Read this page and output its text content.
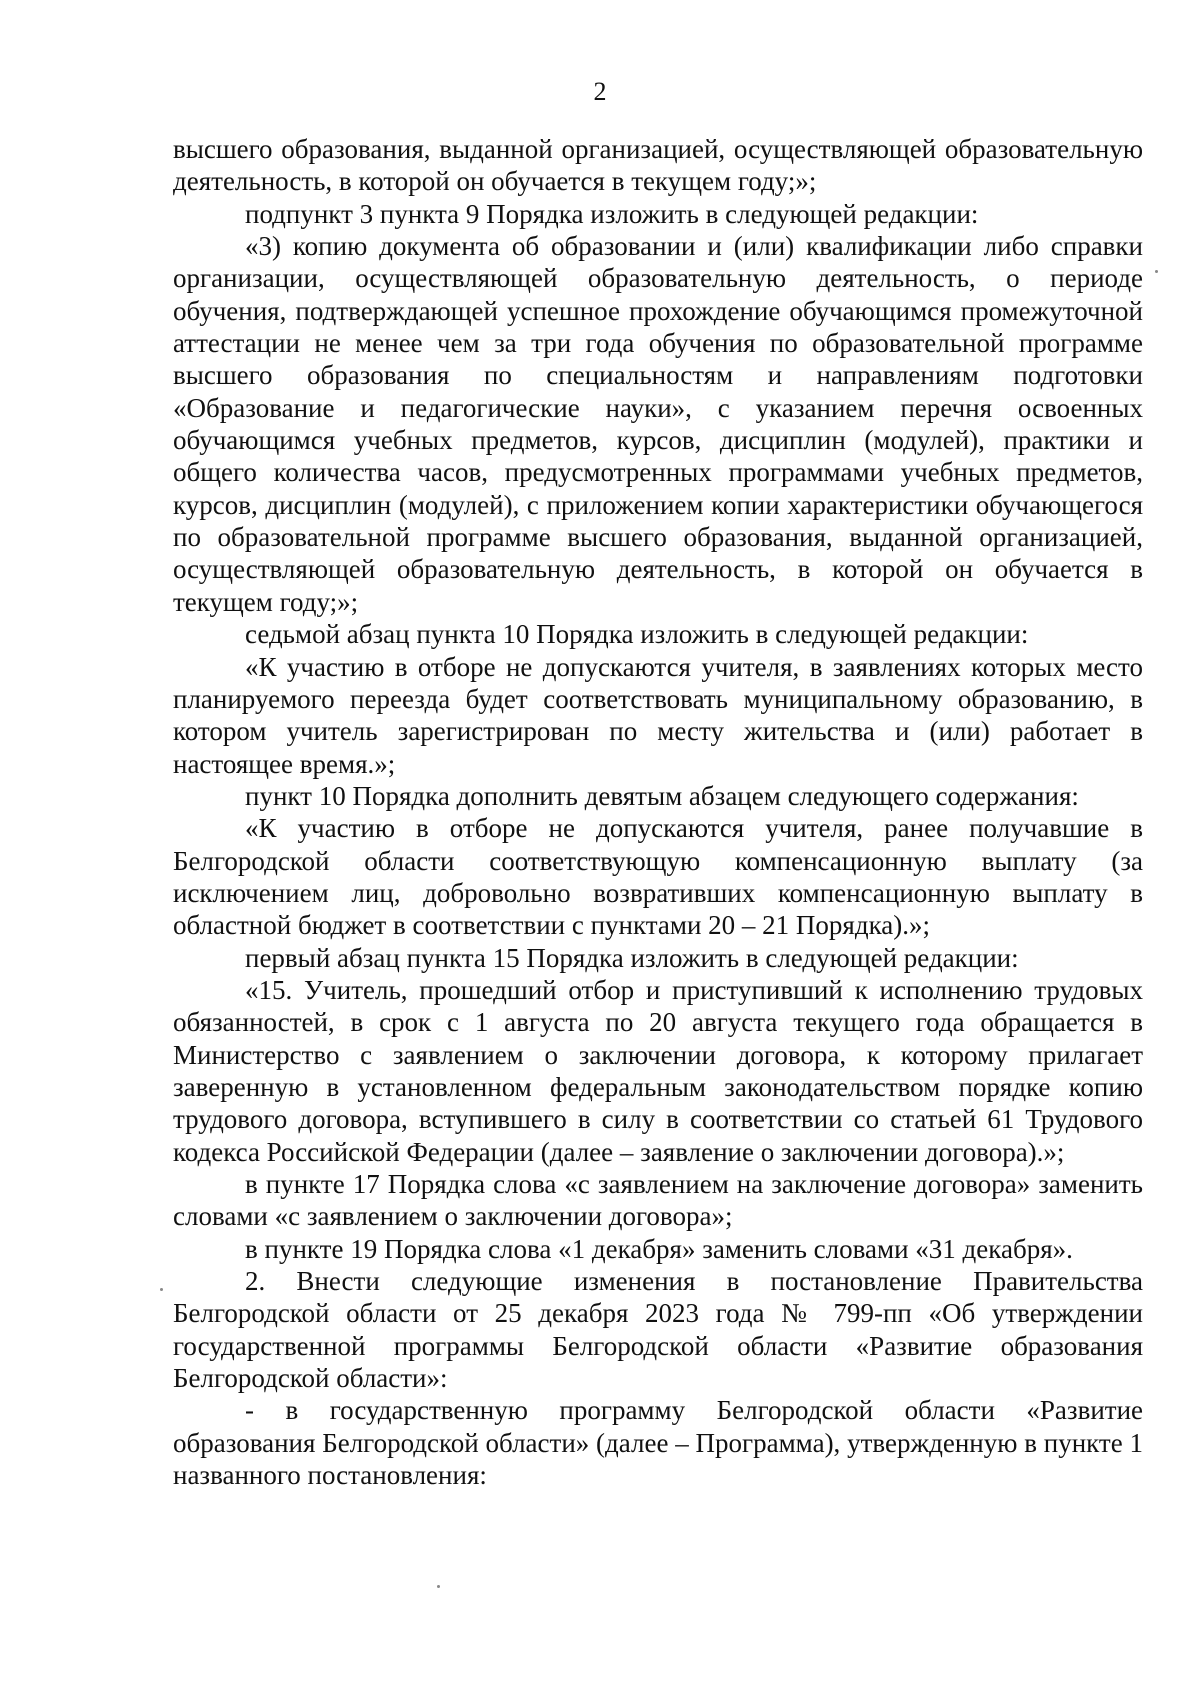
2

высшего образования, выданной организацией, осуществляющей образовательную деятельность, в которой он обучается в текущем году;»;

подпункт 3 пункта 9 Порядка изложить в следующей редакции:

«3) копию документа об образовании и (или) квалификации либо справки организации, осуществляющей образовательную деятельность, о периоде обучения, подтверждающей успешное прохождение обучающимся промежуточной аттестации не менее чем за три года обучения по образовательной программе высшего образования по специальностям и направлениям подготовки «Образование и педагогические науки», с указанием перечня освоенных обучающимся учебных предметов, курсов, дисциплин (модулей), практики и общего количества часов, предусмотренных программами учебных предметов, курсов, дисциплин (модулей), с приложением копии характеристики обучающегося по образовательной программе высшего образования, выданной организацией, осуществляющей образовательную деятельность, в которой он обучается в текущем году;»;

седьмой абзац пункта 10 Порядка изложить в следующей редакции:

«К участию в отборе не допускаются учителя, в заявлениях которых место планируемого переезда будет соответствовать муниципальному образованию, в котором учитель зарегистрирован по месту жительства и (или) работает в настоящее время.»;

пункт 10 Порядка дополнить девятым абзацем следующего содержания:

«К участию в отборе не допускаются учителя, ранее получавшие в Белгородской области соответствующую компенсационную выплату (за исключением лиц, добровольно возвративших компенсационную выплату в областной бюджет в соответствии с пунктами 20 – 21 Порядка).»;

первый абзац пункта 15 Порядка изложить в следующей редакции:

«15. Учитель, прошедший отбор и приступивший к исполнению трудовых обязанностей, в срок с 1 августа по 20 августа текущего года обращается в Министерство с заявлением о заключении договора, к которому прилагает заверенную в установленном федеральным законодательством порядке копию трудового договора, вступившего в силу в соответствии со статьей 61 Трудового кодекса Российской Федерации (далее – заявление о заключении договора).»;

в пункте 17 Порядка слова «с заявлением на заключение договора» заменить словами «с заявлением о заключении договора»;

в пункте 19 Порядка слова «1 декабря» заменить словами «31 декабря».

2. Внести следующие изменения в постановление Правительства Белгородской области от 25 декабря 2023 года № 799-пп «Об утверждении государственной программы Белгородской области «Развитие образования Белгородской области»:

- в государственную программу Белгородской области «Развитие образования Белгородской области» (далее – Программа), утвержденную в пункте 1 названного постановления:
